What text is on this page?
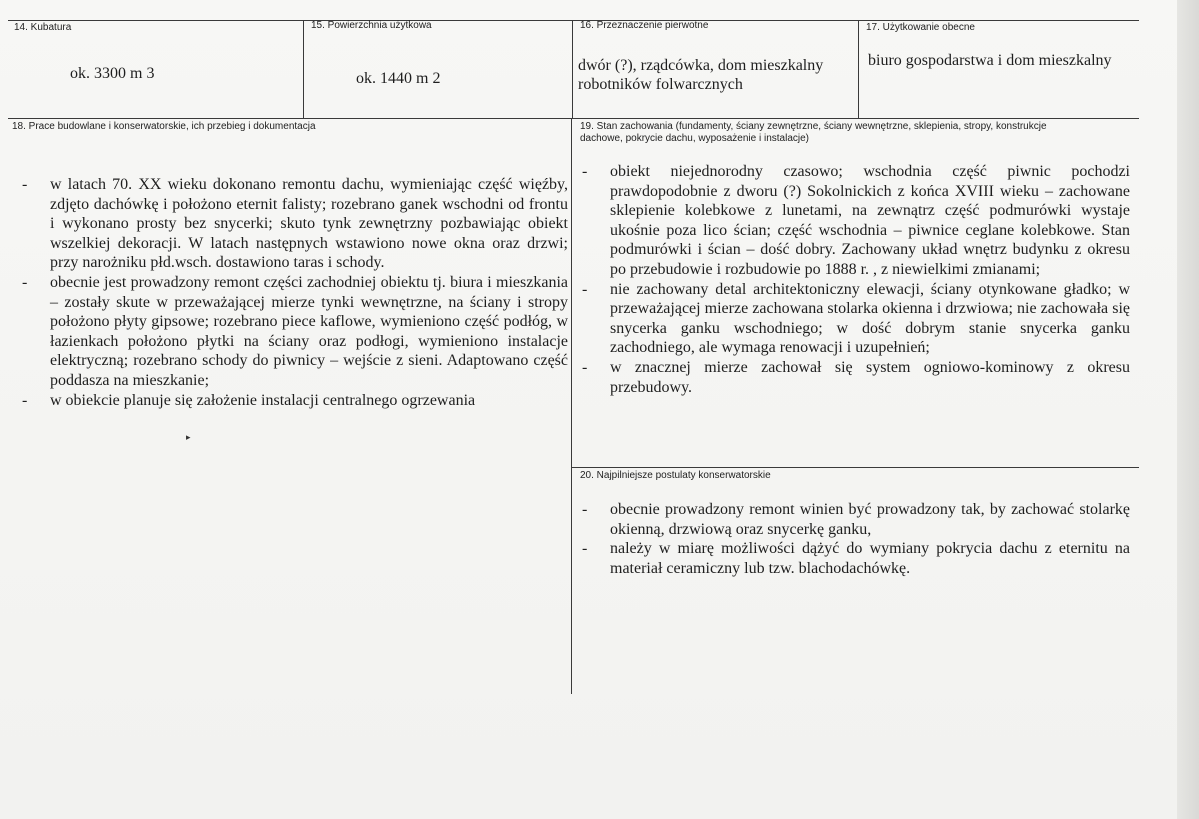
14. Kubatura
ok. 3300 m 3
15. Powierzchnia użytkowa
ok. 1440 m 2
16. Przeznaczenie pierwotne
dwór (?), rządcówka, dom mieszkalny robotników folwarcznych
17. Użytkowanie obecne
biuro gospodarstwa i dom mieszkalny
18. Prace budowlane i konserwatorskie, ich przebieg i dokumentacja
- w latach 70. XX wieku dokonano remontu dachu, wymieniając część więźby, zdjęto dachówkę i położono eternit falisty; rozebrano ganek wschodni od frontu i wykonano prosty bez snycerki; skuto tynk zewnętrzny pozbawiając obiekt wszelkiej dekoracji. W latach następnych wstawiono nowe okna oraz drzwi; przy narożniku płd.wsch. dostawiono taras i schody.
- obecnie jest prowadzony remont części zachodniej obiektu tj. biura i mieszkania – zostały skute w przeważającej mierze tynki wewnętrzne, na ściany i stropy położono płyty gipsowe; rozebrano piece kaflowe, wymieniono część podłóg, w łazienkach położono płytki na ściany oraz podłogi, wymieniono instalacje elektryczną; rozebrano schody do piwnicy – wejście z sieni. Adaptowano część poddasza na mieszkanie;
- w obiekcie planuje się założenie instalacji centralnego ogrzewania
▸
19. Stan zachowania (fundamenty, ściany zewnętrzne, ściany wewnętrzne, sklepienia, stropy, konstrukcje dachowe, pokrycie dachu, wyposażenie i instalacje)
- obiekt niejednorodny czasowo; wschodnia część piwnic pochodzi prawdopodobnie z dworu (?) Sokolnickich z końca XVIII wieku – zachowane sklepienie kolebkowe z lunetami, na zewnątrz część podmurówki wystaje ukośnie poza lico ścian; część wschodnia – piwnice ceglane kolebkowe. Stan podmurówki i ścian – dość dobry. Zachowany układ wnętrz budynku z okresu po przebudowie i rozbudowie po 1888 r. , z niewielkimi zmianami;
- nie zachowany detal architektoniczny elewacji, ściany otynkowane gładko; w przeważającej mierze zachowana stolarka okienna i drzwiowa; nie zachowała się snycerka ganku wschodniego; w dość dobrym stanie snycerka ganku zachodniego, ale wymaga renowacji i uzupełnień;
- w znacznej mierze zachował się system ogniowo-kominowy z okresu przebudowy.
20. Najpilniejsze postulaty konserwatorskie
- obecnie prowadzony remont winien być prowadzony tak, by zachować stolarkę okienną, drzwiową oraz snycerkę ganku,
- należy w miarę możliwości dążyć do wymiany pokrycia dachu z eternitu na materiał ceramiczny lub tzw. blachodachówkę.
